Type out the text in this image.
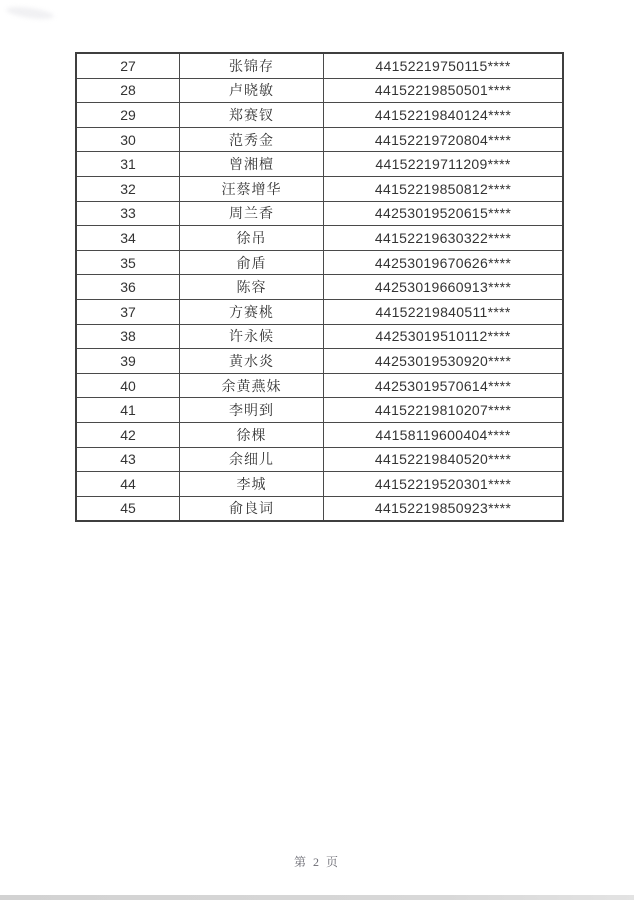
27	张锦存	44152219750115****
28	卢晓敏	44152219850501****
29	郑赛钗	44152219840124****
30	范秀金	44152219720804****
31	曾湘檀	44152219711209****
32	汪蔡增华	44152219850812****
33	周兰香	44253019520615****
34	徐吊	44152219630322****
35	俞盾	44253019670626****
36	陈容	44253019660913****
37	方赛桃	44152219840511****
38	许永候	44253019510112****
39	黄水炎	44253019530920****
40	余黄燕妹	44253019570614****
41	李明到	44152219810207****
42	徐棵	44158119600404****
43	余细儿	44152219840520****
44	李城	44152219520301****
45	俞良词	44152219850923****
第 2 页
